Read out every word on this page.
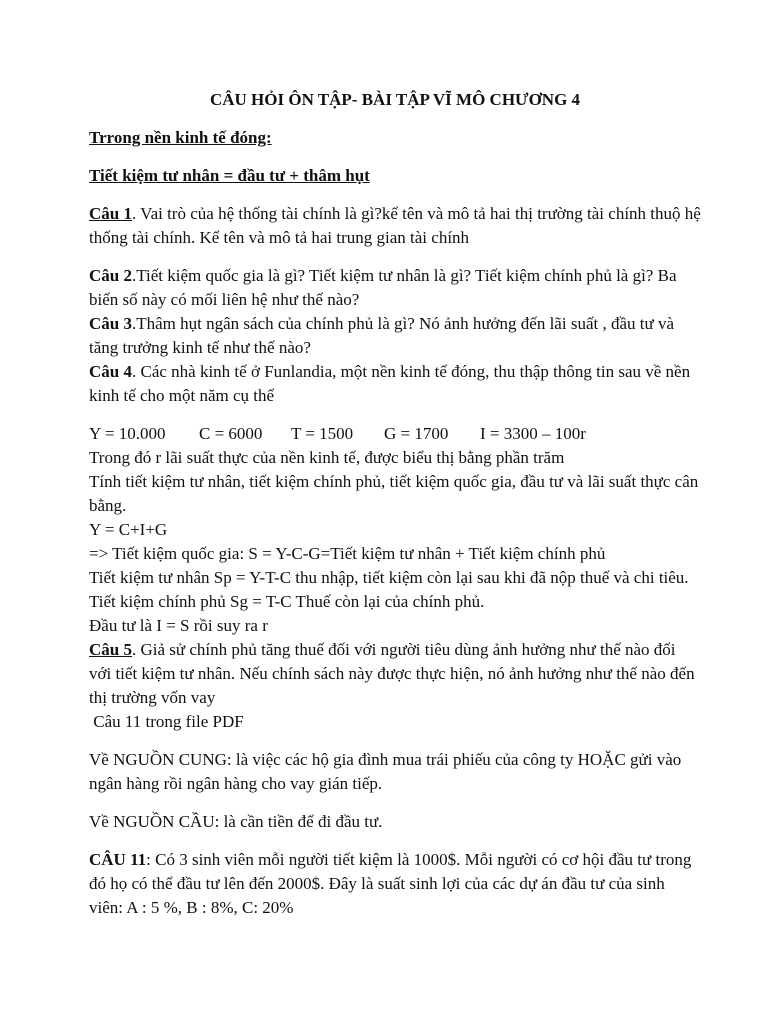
CÂU HỎI ÔN TẬP- BÀI TẬP VĨ MÔ CHƯƠNG 4

Trrong nền kinh tế đóng:

Tiết kiệm tư nhân = đầu tư + thâm hụt

Câu 1. Vai trò của hệ thống tài chính là gì?kể tên và mô tả hai thị trường tài chính thuộ hệ thống tài chính. Kể tên và mô tả hai trung gian tài chính

Câu 2.Tiết kiệm quốc gia là gì? Tiết kiệm tư nhân là gì? Tiết kiệm chính phủ là gì? Ba biến số này có mối liên hệ như thế nào?

Câu 3.Thâm hụt ngân sách của chính phủ là gì? Nó ảnh hưởng đến lãi suất , đầu tư và tăng trưởng kinh tế như thế nào?

Câu 4. Các nhà kinh tế ở Funlandia, một nền kinh tế đóng, thu thập thông tin sau về nền kinh tế cho một năm cụ thể

Y = 10.000	C = 6000	T = 1500	G = 1700	I = 3300 – 100r

Trong đó r lãi suất thực của nền kinh tế, được biểu thị bằng phần trăm

Tính tiết kiệm tư nhân, tiết kiệm chính phủ, tiết kiệm quốc gia, đầu tư và lãi suất thực cân bằng.

Y = C+I+G

=> Tiết kiệm quốc gia: S = Y-C-G=Tiết kiệm tư nhân + Tiết kiệm chính phủ

Tiết kiệm tư nhân Sp = Y-T-C thu nhập, tiết kiệm còn lại sau khi đã nộp thuế và chi tiêu.

Tiết kiệm chính phủ Sg = T-C Thuế còn lại của chính phủ.

Đầu tư là I = S rồi suy ra r

Câu 5. Giả sử chính phủ tăng thuế đối với người tiêu dùng ảnh hưởng như thế nào đối với tiết kiệm tư nhân. Nếu chính sách này được thực hiện, nó ảnh hưởng như thế nào đến thị trường vốn vay

Câu 11 trong file PDF

Về NGUỒN CUNG: là việc các hộ gia đình mua trái phiếu của công ty HOẶC gửi vào ngân hàng rồi ngân hàng cho vay gián tiếp.

Về NGUỒN CẦU: là cần tiền để đi đầu tư.

CÂU 11: Có 3 sinh viên mỗi người tiết kiệm là 1000$. Mỗi người có cơ hội đầu tư trong đó họ có thể đầu tư lên đến 2000$. Đây là suất sinh lợi của các dự án đầu tư của sinh viên: A : 5 %, B : 8%, C: 20%
